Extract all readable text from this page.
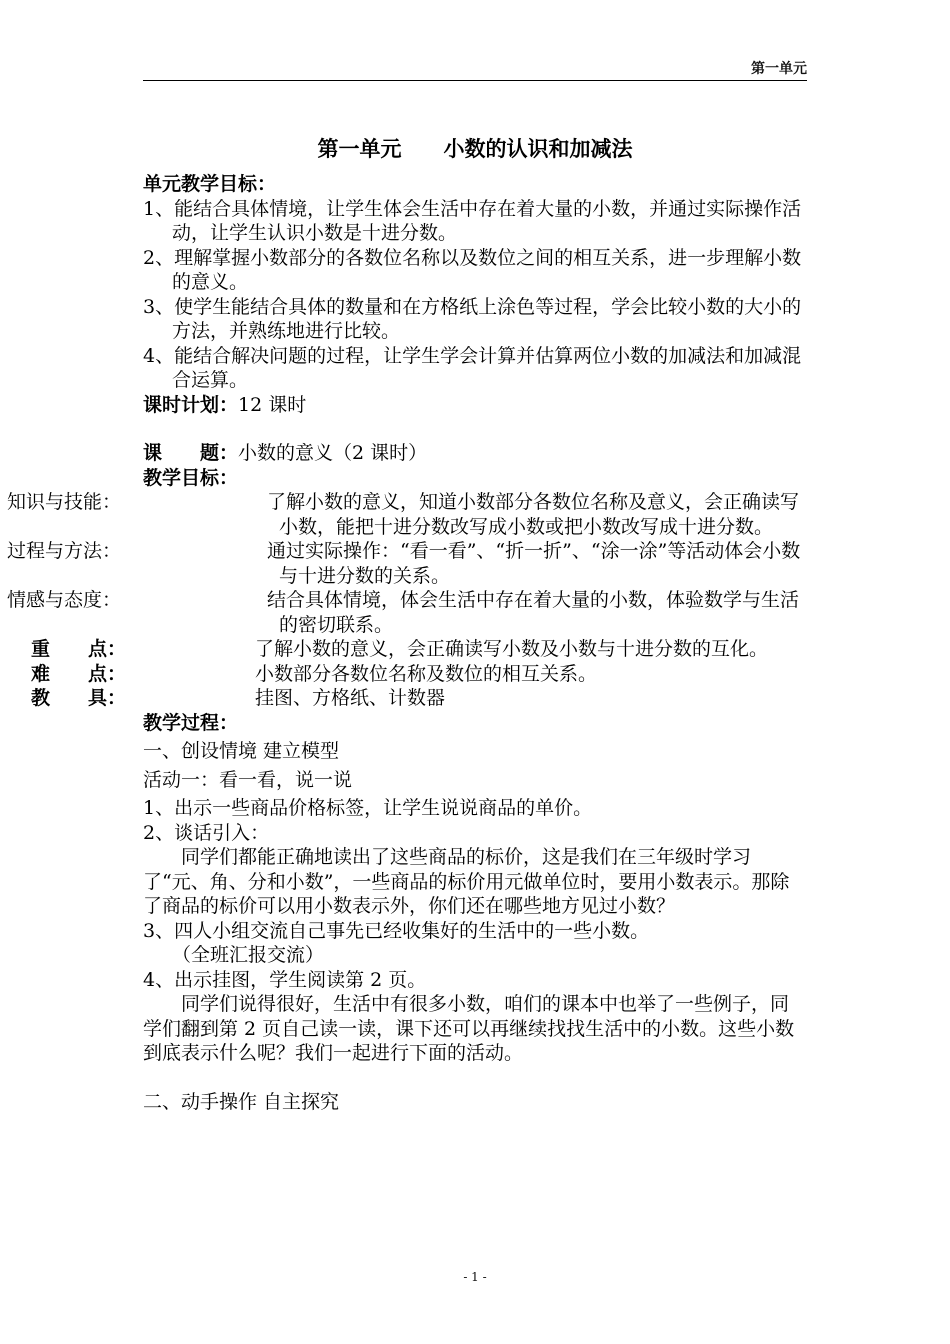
第一单元
第一单元　　小数的认识和加减法

单元教学目标：

1、能结合具体情境，让学生体会生活中存在着大量的小数，并通过实际操作活动，让学生认识小数是十进分数。

2、理解掌握小数部分的各数位名称以及数位之间的相互关系，进一步理解小数的意义。

3、使学生能结合具体的数量和在方格纸上涂色等过程，学会比较小数的大小的方法，并熟练地进行比较。

4、能结合解决问题的过程，让学生学会计算并估算两位小数的加减法和加减混合运算。

课时计划：12 课时

课　　题：小数的意义（2 课时）

教学目标：

知识与技能：	了解小数的意义，知道小数部分各数位名称及意义，会正确读写小数，能把十进分数改写成小数或把小数改写成十进分数。

过程与方法：	通过实际操作：“看一看”、“折一折”、“涂一涂”等活动体会小数与十进分数的关系。

情感与态度：	结合具体情境，体会生活中存在着大量的小数，体验数学与生活的密切联系。

重　　点：	了解小数的意义，会正确读写小数及小数与十进分数的互化。

难　　点：	小数部分各数位名称及数位的相互关系。

教　　具：	挂图、方格纸、计数器

教学过程：

一、创设情境 建立模型

活动一：看一看，说一说

1、出示一些商品价格标签，让学生说说商品的单价。

2、谈话引入：

同学们都能正确地读出了这些商品的标价，这是我们在三年级时学习了“元、角、分和小数”，一些商品的标价用元做单位时，要用小数表示。那除了商品的标价可以用小数表示外，你们还在哪些地方见过小数？

3、四人小组交流自己事先已经收集好的生活中的一些小数。

（全班汇报交流）

4、出示挂图，学生阅读第 2 页。

同学们说得很好，生活中有很多小数，咱们的课本中也举了一些例子，同学们翻到第 2 页自己读一读，课下还可以再继续找找生活中的小数。这些小数到底表示什么呢？我们一起进行下面的活动。

二、动手操作 自主探究

- 1 -
